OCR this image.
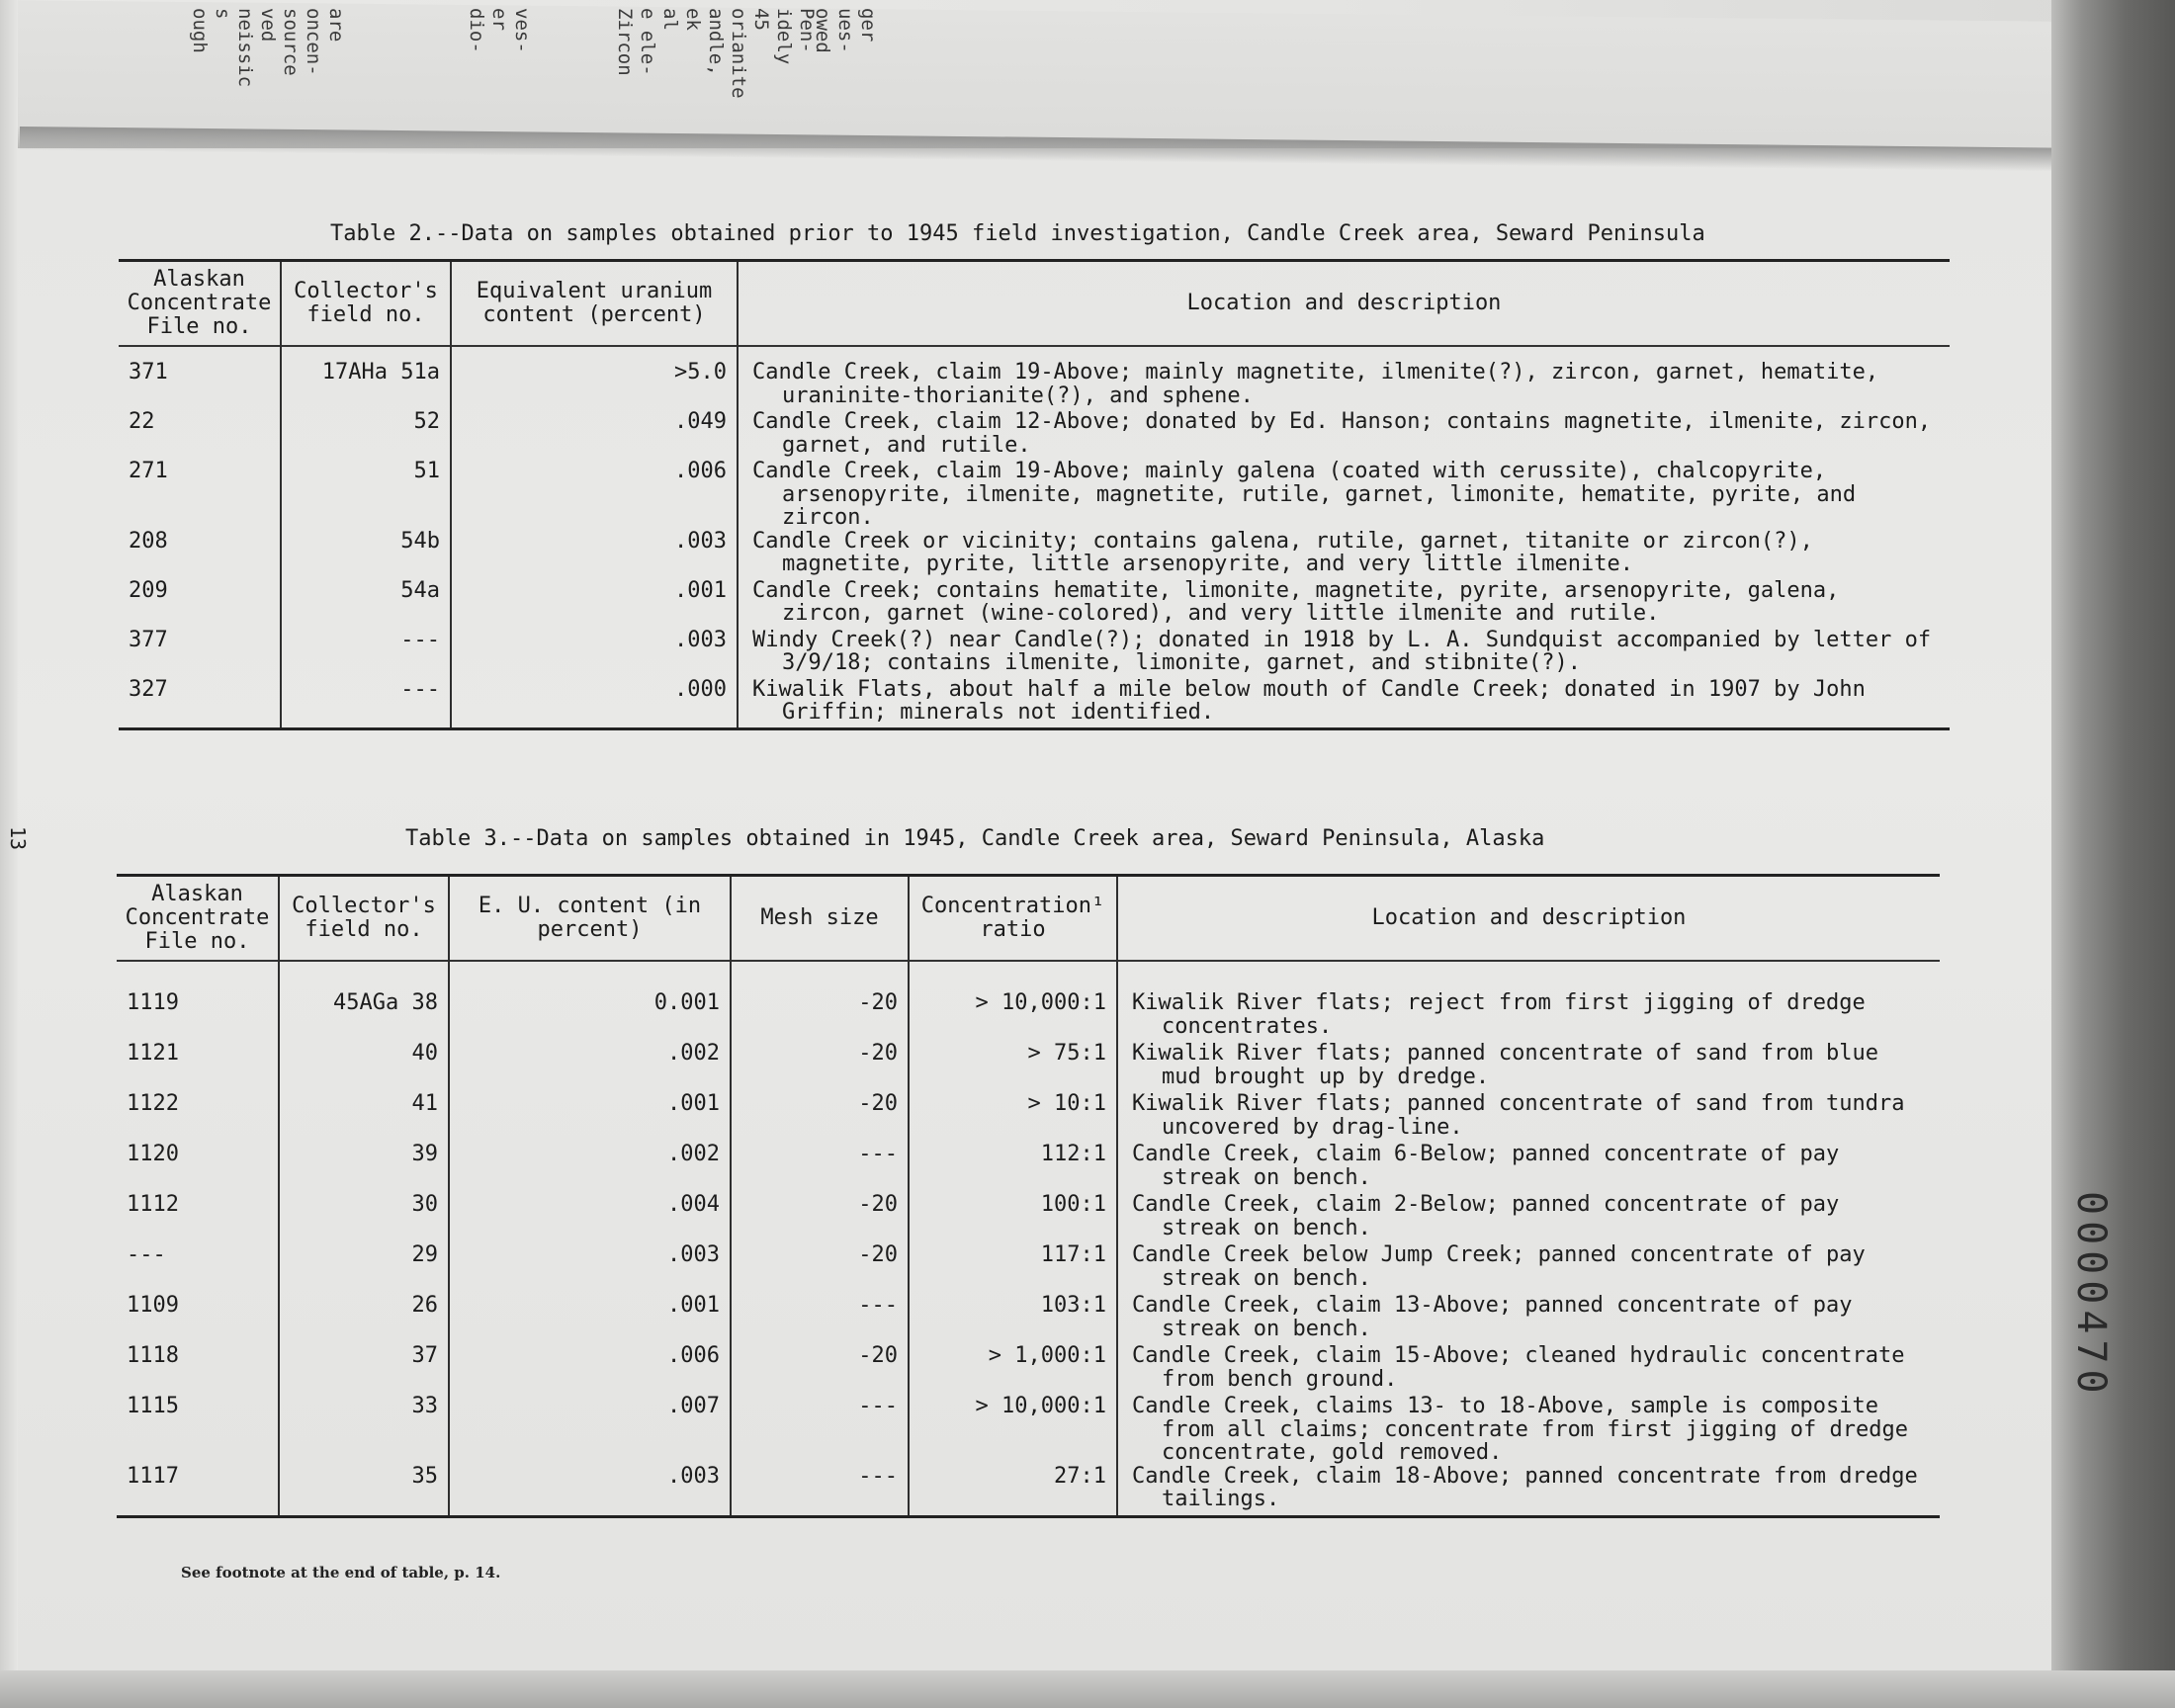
are
oncen-
source
ved
neissic
s
ough	ves-
er
dio-	Pen-
idely
45
orianite
andle,
ek
al
e ele-
Zircon	ger
ues-
owed
13
0000470
Table 2.--Data on samples obtained prior to 1945 field investigation, Candle Creek area, Seward Peninsula
Alaskan Concentrate File no.	Collector's field no.	Equivalent uranium content (percent)	Location and description
371	17AHa 51a	>5.0	Candle Creek, claim 19-Above; mainly magnetite, ilmenite(?), zircon, garnet, hematite, uraninite-thorianite(?), and sphene.

22	52	.049	Candle Creek, claim 12-Above; donated by Ed. Hanson; contains magnetite, ilmenite, zircon, garnet, and rutile.

271	51	.006	Candle Creek, claim 19-Above; mainly galena (coated with cerussite), chalcopyrite, arsenopyrite, ilmenite, magnetite, rutile, garnet, limonite, hematite, pyrite, and zircon.

208	54b	.003	Candle Creek or vicinity; contains galena, rutile, garnet, titanite or zircon(?), magnetite, pyrite, little arsenopyrite, and very little ilmenite.

209	54a	.001	Candle Creek; contains hematite, limonite, magnetite, pyrite, arsenopyrite, galena, zircon, garnet (wine-colored), and very little ilmenite and rutile.

377	---	.003	Windy Creek(?) near Candle(?); donated in 1918 by L. A. Sundquist accompanied by letter of 3/9/18; contains ilmenite, limonite, garnet, and stibnite(?).

327	---	.000	Kiwalik Flats, about half a mile below mouth of Candle Creek; donated in 1907 by John Griffin; minerals not identified.
Table 3.--Data on samples obtained in 1945, Candle Creek area, Seward Peninsula, Alaska
Alaskan Concentrate File no.	Collector's field no.	E. U. content (in percent)	Mesh size	Concentration¹ ratio	Location and description
1119	45AGa 38	0.001	-20	> 10,000:1	Kiwalik River flats; reject from first jigging of dredge concentrates.

1121	40	.002	-20	> 75:1	Kiwalik River flats; panned concentrate of sand from blue mud brought up by dredge.

1122	41	.001	-20	> 10:1	Kiwalik River flats; panned concentrate of sand from tundra uncovered by drag-line.

1120	39	.002	---	112:1	Candle Creek, claim 6-Below; panned concentrate of pay streak on bench.

1112	30	.004	-20	100:1	Candle Creek, claim 2-Below; panned concentrate of pay streak on bench.

---	29	.003	-20	117:1	Candle Creek below Jump Creek; panned concentrate of pay streak on bench.

1109	26	.001	---	103:1	Candle Creek, claim 13-Above; panned concentrate of pay streak on bench.

1118	37	.006	-20	> 1,000:1	Candle Creek, claim 15-Above; cleaned hydraulic concentrate from bench ground.

1115	33	.007	---	> 10,000:1	Candle Creek, claims 13- to 18-Above, sample is composite from all claims; concentrate from first jigging of dredge concentrate, gold removed.

1117	35	.003	---	27:1	Candle Creek, claim 18-Above; panned concentrate from dredge tailings.
See footnote at the end of table, p. 14.
